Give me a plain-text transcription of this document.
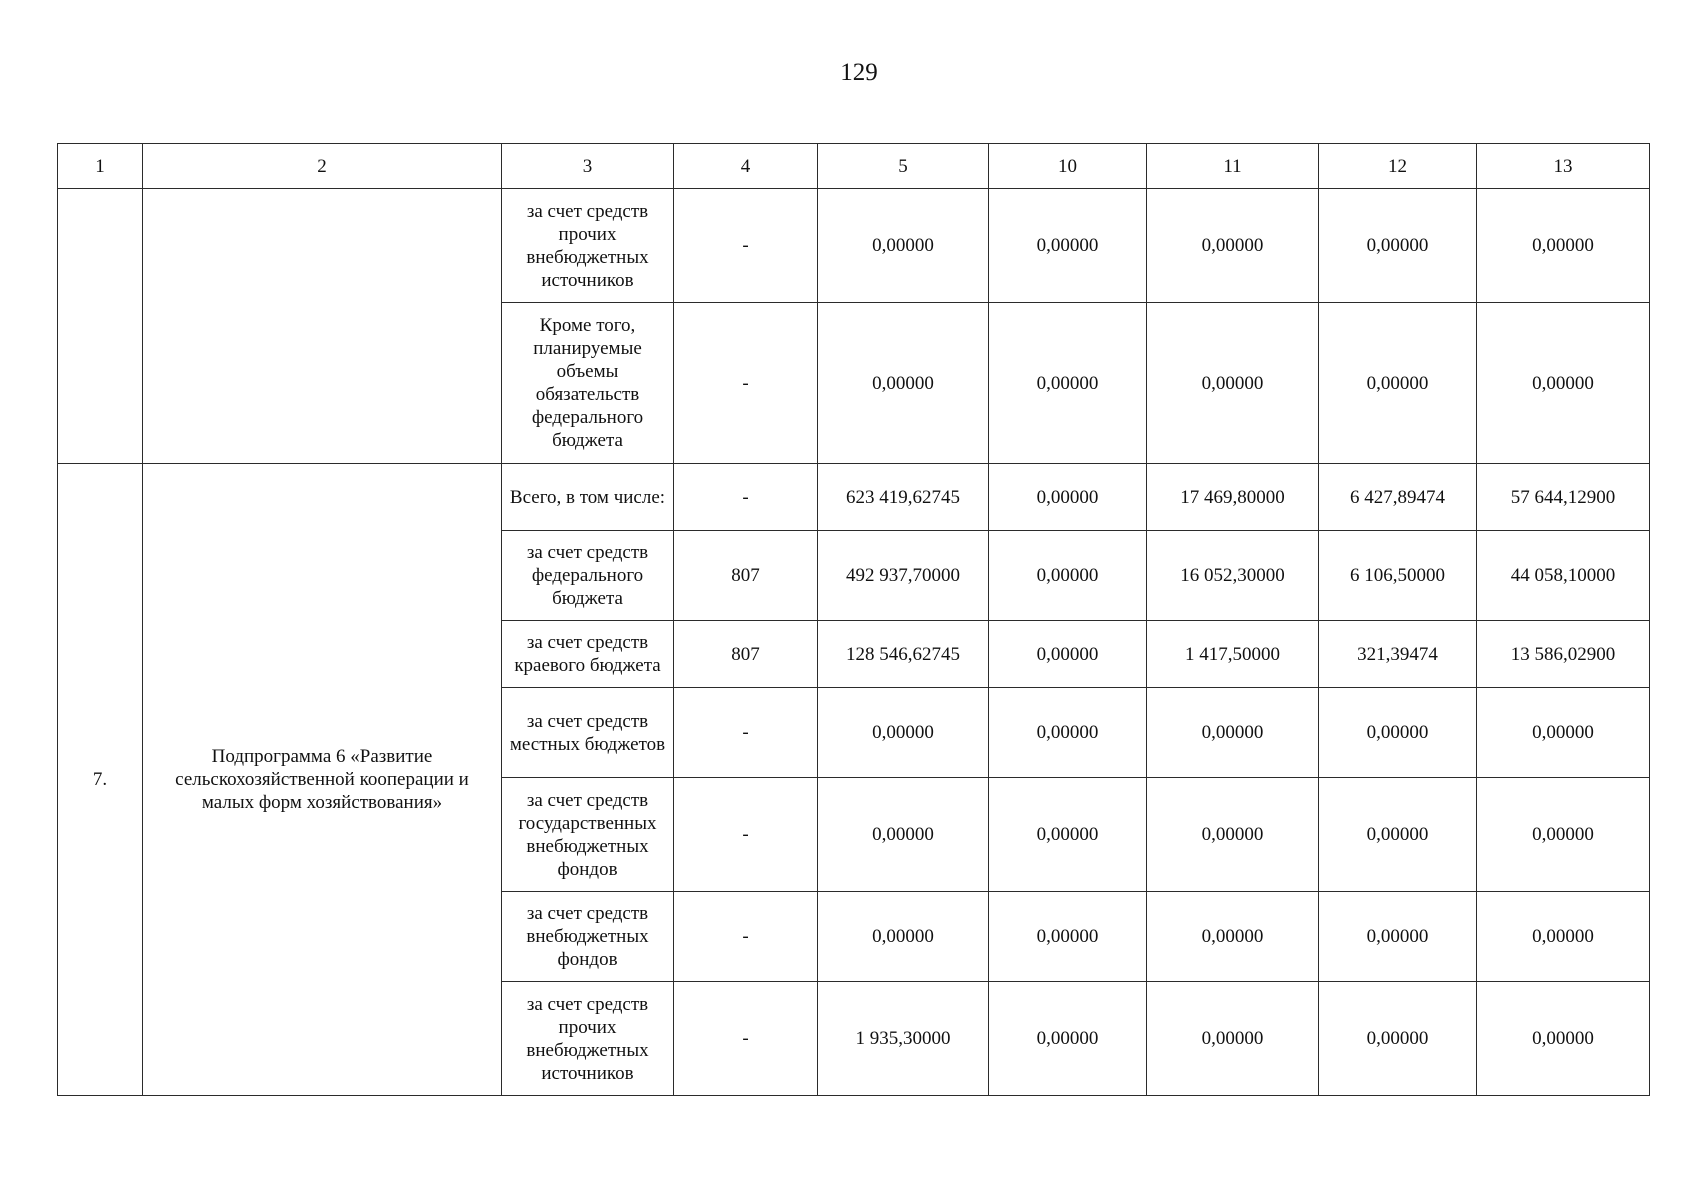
129
1	2	3	4	5	10	11	12	13
		за счет средств прочих внебюджетных источников	-	0,00000	0,00000	0,00000	0,00000	0,00000
		Кроме того, планируемые объемы обязательств федерального бюджета	-	0,00000	0,00000	0,00000	0,00000	0,00000
7.	Подпрограмма 6 «Развитие сельскохозяйственной кооперации и малых форм хозяйствования»	Всего, в том числе:	-	623 419,62745	0,00000	17 469,80000	6 427,89474	57 644,12900
		за счет средств федерального бюджета	807	492 937,70000	0,00000	16 052,30000	6 106,50000	44 058,10000
		за счет средств краевого бюджета	807	128 546,62745	0,00000	1 417,50000	321,39474	13 586,02900
		за счет средств местных бюджетов	-	0,00000	0,00000	0,00000	0,00000	0,00000
		за счет средств государственных внебюджетных фондов	-	0,00000	0,00000	0,00000	0,00000	0,00000
		за счет средств внебюджетных фондов	-	0,00000	0,00000	0,00000	0,00000	0,00000
		за счет средств прочих внебюджетных источников	-	1 935,30000	0,00000	0,00000	0,00000	0,00000
